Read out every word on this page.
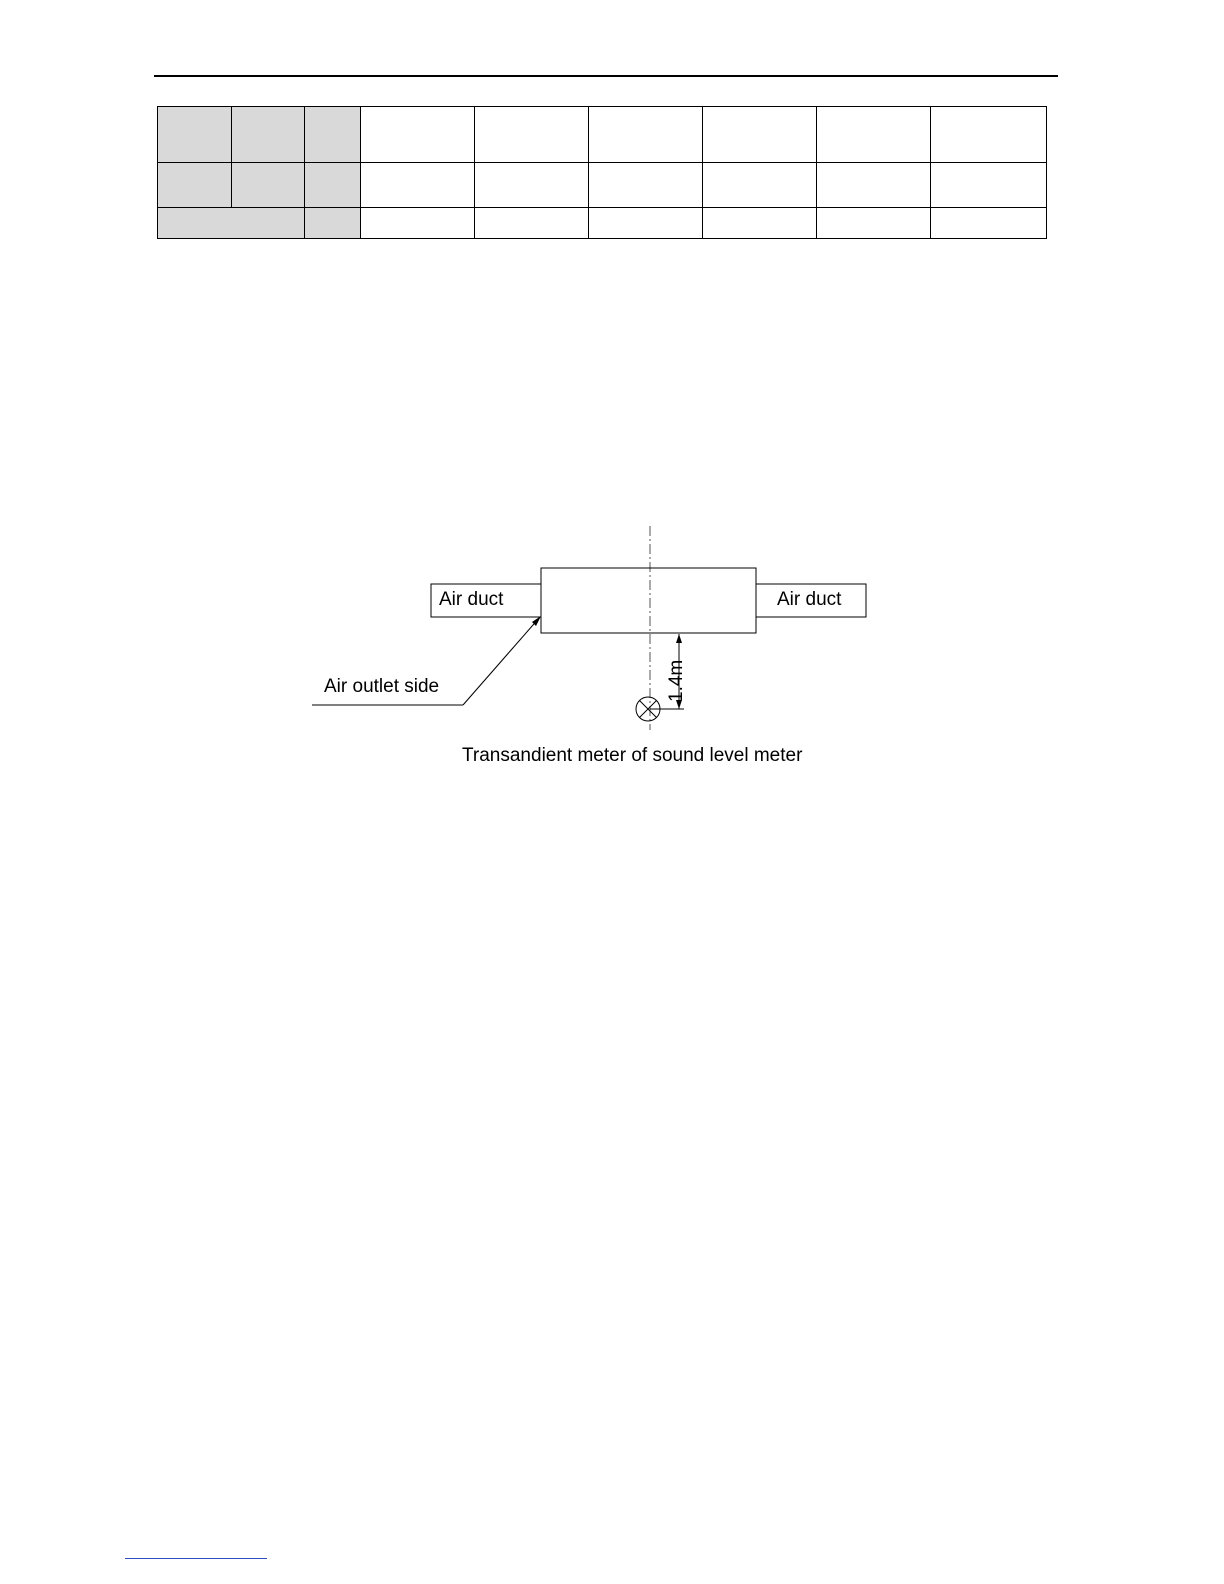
Air duct	Air duct
Air outlet side	1.4m
Transandient meter of sound level meter
